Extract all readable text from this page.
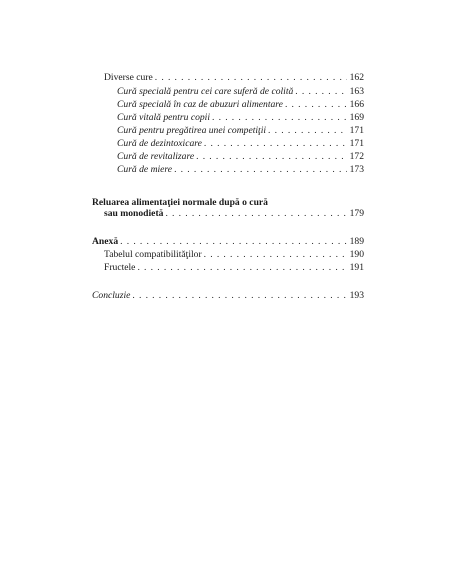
Diverse cure . . .	162
Cură specială pentru cei care suferă de colită . . .	163
Cură specială în caz de abuzuri alimentare . . .	166
Cură vitală pentru copii . . .	169
Cură pentru pregătirea unei competiţii . . .	171
Cură de dezintoxicare . . .	171
Cură de revitalizare . . .	172
Cură de miere . . .	173
Reluarea alimentaţiei normale după o cură
sau monodietă . . .	179
Anexă . . .	189
Tabelul compatibilităţilor . . .	190
Fructele . . .	191
Concluzie . . .	193
